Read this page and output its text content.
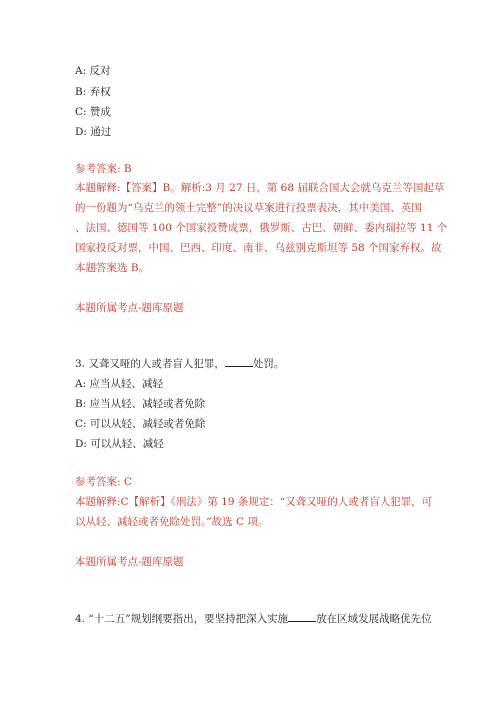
A: 反对
B: 弃权
C: 赞成
D: 通过
参考答案: B
本题解释:【答案】B。解析:3 月 27 日，第 68 届联合国大会就乌克兰等国起草
的一份题为“乌克兰的领土完整”的决议草案进行投票表决，其中美国、英国
、法国、德国等 100 个国家投赞成票，俄罗斯、古巴、朝鲜、委内瑞拉等 11 个
国家投反对票，中国、巴西、印度、南非、乌兹别克斯坦等 58 个国家弃权。故
本题答案选 B。
本题所属考点-题库原题
3. 又聋又哑的人或者盲人犯罪，	处罚。
A: 应当从轻、减轻
B: 应当从轻、减轻或者免除
C: 可以从轻、减轻或者免除
D: 可以从轻、减轻
参考答案: C
本题解释:C【解析】《刑法》第 19 条规定：“又聋又哑的人或者盲人犯罪，可
以从轻、减轻或者免除处罚。”故选 C 项。
本题所属考点-题库原题
4. “十二五”规划纲要指出，要坚持把深入实施	放在区域发展战略优先位
